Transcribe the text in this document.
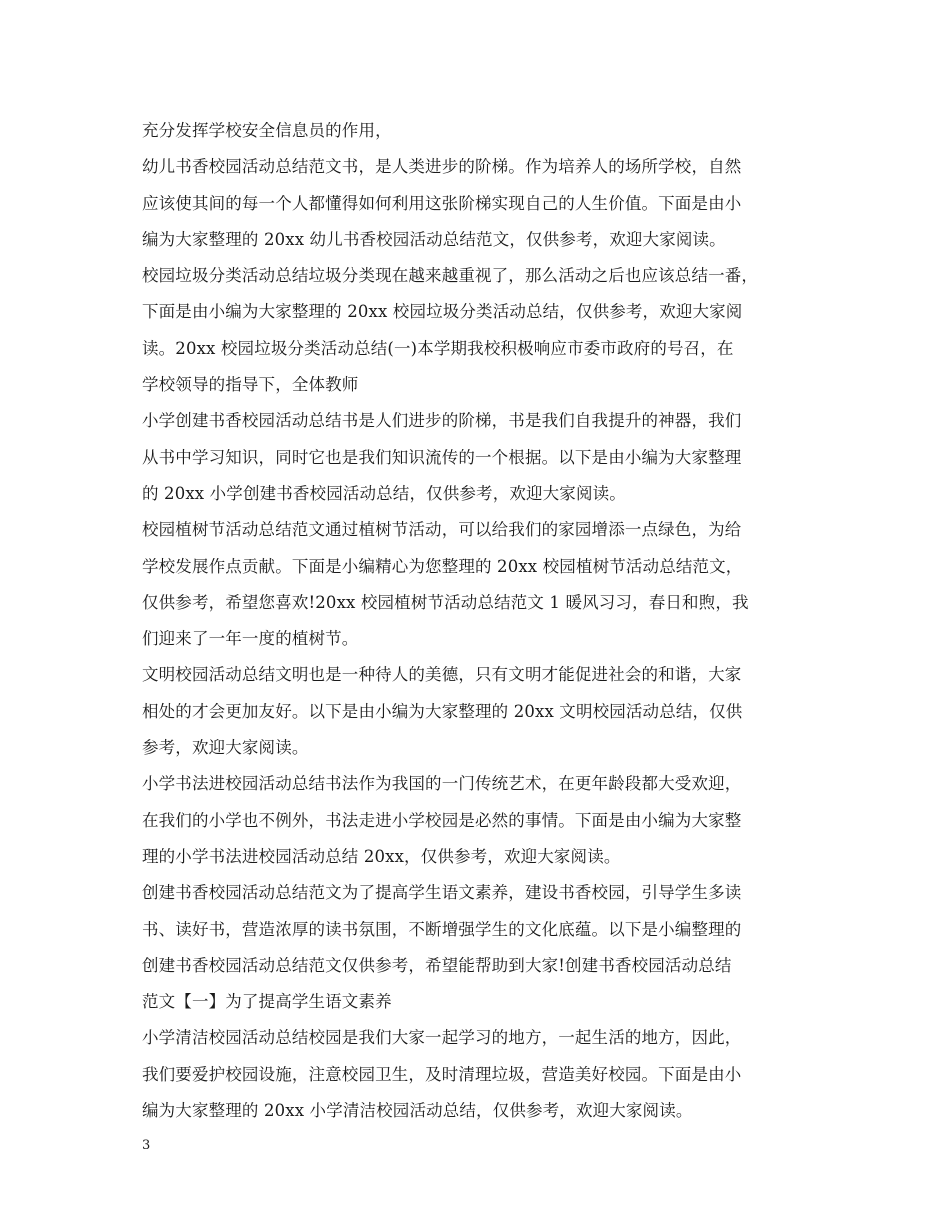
充分发挥学校安全信息员的作用，
幼儿书香校园活动总结范文书，是人类进步的阶梯。作为培养人的场所学校，自然
应该使其间的每一个人都懂得如何利用这张阶梯实现自己的人生价值。下面是由小
编为大家整理的 20xx 幼儿书香校园活动总结范文，仅供参考，欢迎大家阅读。
校园垃圾分类活动总结垃圾分类现在越来越重视了，那么活动之后也应该总结一番，
下面是由小编为大家整理的 20xx 校园垃圾分类活动总结，仅供参考，欢迎大家阅
读。20xx 校园垃圾分类活动总结(一)本学期我校积极响应市委市政府的号召，在
学校领导的指导下，全体教师
小学创建书香校园活动总结书是人们进步的阶梯，书是我们自我提升的神器，我们
从书中学习知识，同时它也是我们知识流传的一个根据。以下是由小编为大家整理
的 20xx 小学创建书香校园活动总结，仅供参考，欢迎大家阅读。
校园植树节活动总结范文通过植树节活动，可以给我们的家园增添一点绿色，为给
学校发展作点贡献。下面是小编精心为您整理的 20xx 校园植树节活动总结范文，
仅供参考，希望您喜欢!20xx 校园植树节活动总结范文 1 暖风习习，春日和煦，我
们迎来了一年一度的植树节。
文明校园活动总结文明也是一种待人的美德，只有文明才能促进社会的和谐，大家
相处的才会更加友好。以下是由小编为大家整理的 20xx 文明校园活动总结，仅供
参考，欢迎大家阅读。
小学书法进校园活动总结书法作为我国的一门传统艺术，在更年龄段都大受欢迎，
在我们的小学也不例外，书法走进小学校园是必然的事情。下面是由小编为大家整
理的小学书法进校园活动总结 20xx，仅供参考，欢迎大家阅读。
创建书香校园活动总结范文为了提高学生语文素养，建设书香校园，引导学生多读
书、读好书，营造浓厚的读书氛围，不断增强学生的文化底蕴。以下是小编整理的
创建书香校园活动总结范文仅供参考，希望能帮助到大家!创建书香校园活动总结
范文【一】为了提高学生语文素养
小学清洁校园活动总结校园是我们大家一起学习的地方，一起生活的地方，因此，
我们要爱护校园设施，注意校园卫生，及时清理垃圾，营造美好校园。下面是由小
编为大家整理的 20xx 小学清洁校园活动总结，仅供参考，欢迎大家阅读。
3
